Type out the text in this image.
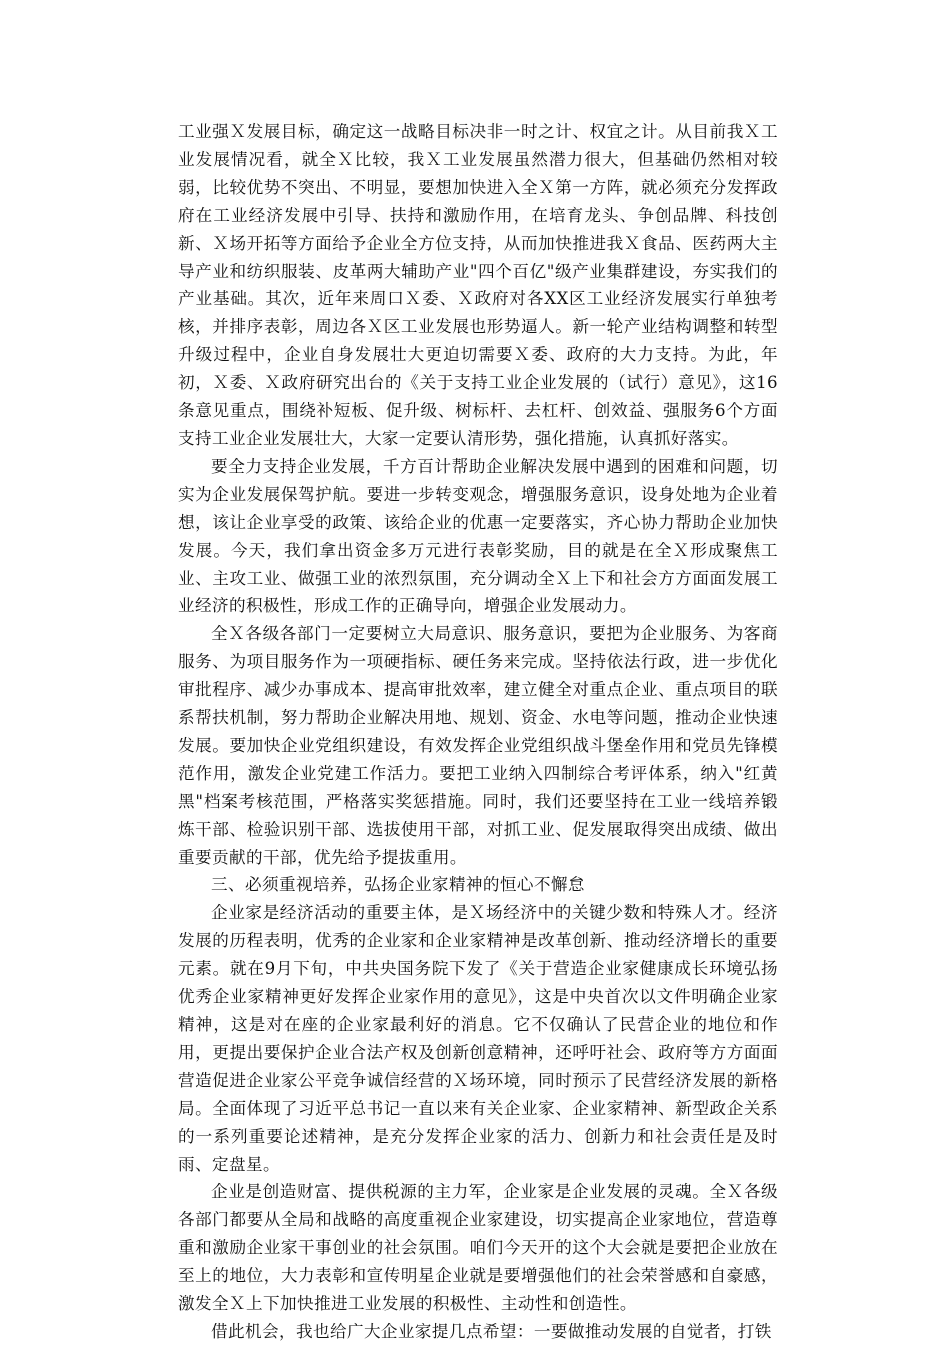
工业强Ｘ发展目标，确定这一战略目标决非一时之计、权宜之计。从目前我Ｘ工业发展情况看，就全Ｘ比较，我Ｘ工业发展虽然潜力很大，但基础仍然相对较弱，比较优势不突出、不明显，要想加快进入全Ｘ第一方阵，就必须充分发挥政府在工业经济发展中引导、扶持和激励作用，在培育龙头、争创品牌、科技创新、Ｘ场开拓等方面给予企业全方位支持，从而加快推进我Ｘ食品、医药两大主导产业和纺织服装、皮革两大辅助产业"四个百亿"级产业集群建设，夯实我们的产业基础。其次，近年来周口Ｘ委、Ｘ政府对各XX区工业经济发展实行单独考核，并排序表彰，周边各Ｘ区工业发展也形势逼人。新一轮产业结构调整和转型升级过程中，企业自身发展壮大更迫切需要Ｘ委、政府的大力支持。为此，年初，Ｘ委、Ｘ政府研究出台的《关于支持工业企业发展的（试行）意见》，这16条意见重点，围绕补短板、促升级、树标杆、去杠杆、创效益、强服务6个方面支持工业企业发展壮大，大家一定要认清形势，强化措施，认真抓好落实。

要全力支持企业发展，千方百计帮助企业解决发展中遇到的困难和问题，切实为企业发展保驾护航。要进一步转变观念，增强服务意识，设身处地为企业着想，该让企业享受的政策、该给企业的优惠一定要落实，齐心协力帮助企业加快发展。今天，我们拿出资金多万元进行表彰奖励，目的就是在全Ｘ形成聚焦工业、主攻工业、做强工业的浓烈氛围，充分调动全Ｘ上下和社会方方面面发展工业经济的积极性，形成工作的正确导向，增强企业发展动力。

全Ｘ各级各部门一定要树立大局意识、服务意识，要把为企业服务、为客商服务、为项目服务作为一项硬指标、硬任务来完成。坚持依法行政，进一步优化审批程序、减少办事成本、提高审批效率，建立健全对重点企业、重点项目的联系帮扶机制，努力帮助企业解决用地、规划、资金、水电等问题，推动企业快速发展。要加快企业党组织建设，有效发挥企业党组织战斗堡垒作用和党员先锋模范作用，激发企业党建工作活力。要把工业纳入四制综合考评体系，纳入"红黄黑"档案考核范围，严格落实奖惩措施。同时，我们还要坚持在工业一线培养锻炼干部、检验识别干部、选拔使用干部，对抓工业、促发展取得突出成绩、做出重要贡献的干部，优先给予提拔重用。

三、必须重视培养，弘扬企业家精神的恒心不懈怠

企业家是经济活动的重要主体，是Ｘ场经济中的关键少数和特殊人才。经济发展的历程表明，优秀的企业家和企业家精神是改革创新、推动经济增长的重要元素。就在9月下旬，中共央国务院下发了《关于营造企业家健康成长环境弘扬优秀企业家精神更好发挥企业家作用的意见》，这是中央首次以文件明确企业家精神，这是对在座的企业家最利好的消息。它不仅确认了民营企业的地位和作用，更提出要保护企业合法产权及创新创意精神，还呼吁社会、政府等方方面面营造促进企业家公平竞争诚信经营的Ｘ场环境，同时预示了民营经济发展的新格局。全面体现了习近平总书记一直以来有关企业家、企业家精神、新型政企关系的一系列重要论述精神，是充分发挥企业家的活力、创新力和社会责任是及时雨、定盘星。

企业是创造财富、提供税源的主力军，企业家是企业发展的灵魂。全Ｘ各级各部门都要从全局和战略的高度重视企业家建设，切实提高企业家地位，营造尊重和激励企业家干事创业的社会氛围。咱们今天开的这个大会就是要把企业放在至上的地位，大力表彰和宣传明星企业就是要增强他们的社会荣誉感和自豪感，激发全Ｘ上下加快推进工业发展的积极性、主动性和创造性。

借此机会，我也给广大企业家提几点希望：一要做推动发展的自觉者，打铁
